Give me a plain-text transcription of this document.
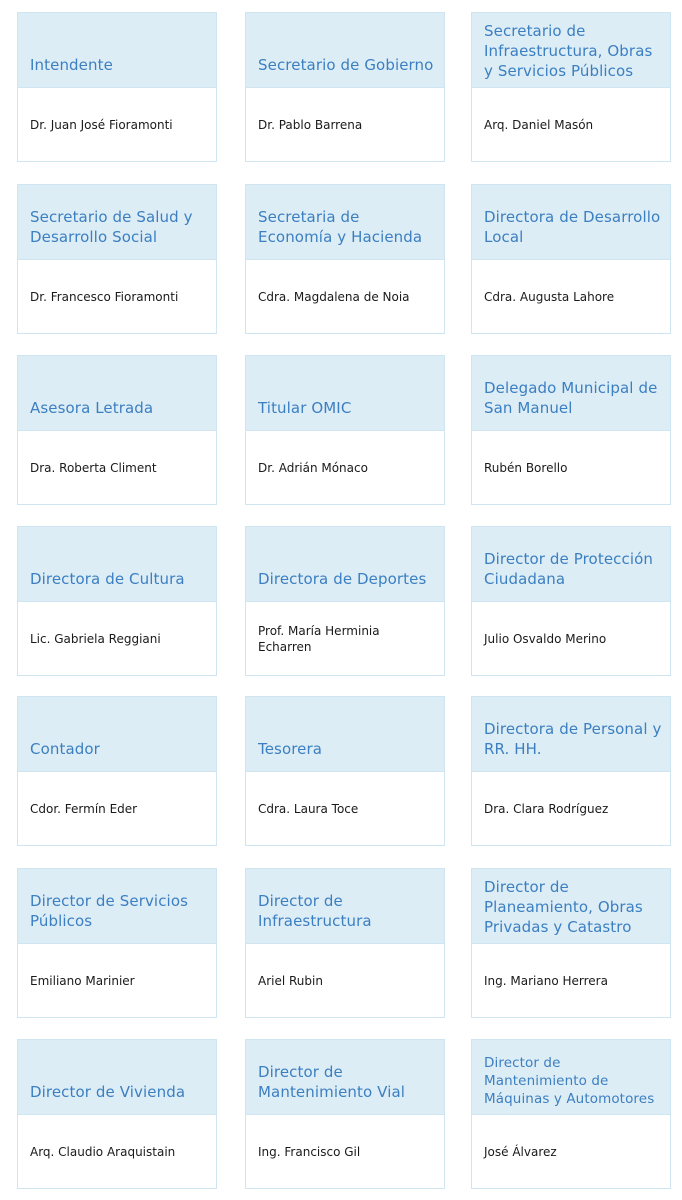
Intendente
Dr. Juan José Fioramonti
Secretario de Gobierno
Dr. Pablo Barrena
Secretario de Infraestructura, Obras y Servicios Públicos
Arq. Daniel Masón
Secretario de Salud y Desarrollo Social
Dr. Francesco Fioramonti
Secretaria de Economía y Hacienda
Cdra. Magdalena de Noia
Directora de Desarrollo Local
Cdra. Augusta Lahore
Asesora Letrada
Dra. Roberta Climent
Titular OMIC
Dr. Adrián Mónaco
Delegado Municipal de San Manuel
Rubén Borello
Directora de Cultura
Lic. Gabriela Reggiani
Directora de Deportes
Prof. María Herminia Echarren
Director de Protección Ciudadana
Julio Osvaldo Merino
Contador
Cdor. Fermín Eder
Tesorera
Cdra. Laura Toce
Directora de Personal y RR. HH.
Dra. Clara Rodríguez
Director de Servicios Públicos
Emiliano Marinier
Director de Infraestructura
Ariel Rubin
Director de Planeamiento, Obras Privadas y Catastro
Ing. Mariano Herrera
Director de Vivienda
Arq. Claudio Araquistain
Director de Mantenimiento Vial
Ing. Francisco Gil
Director de Mantenimiento de Máquinas y Automotores
José Álvarez
